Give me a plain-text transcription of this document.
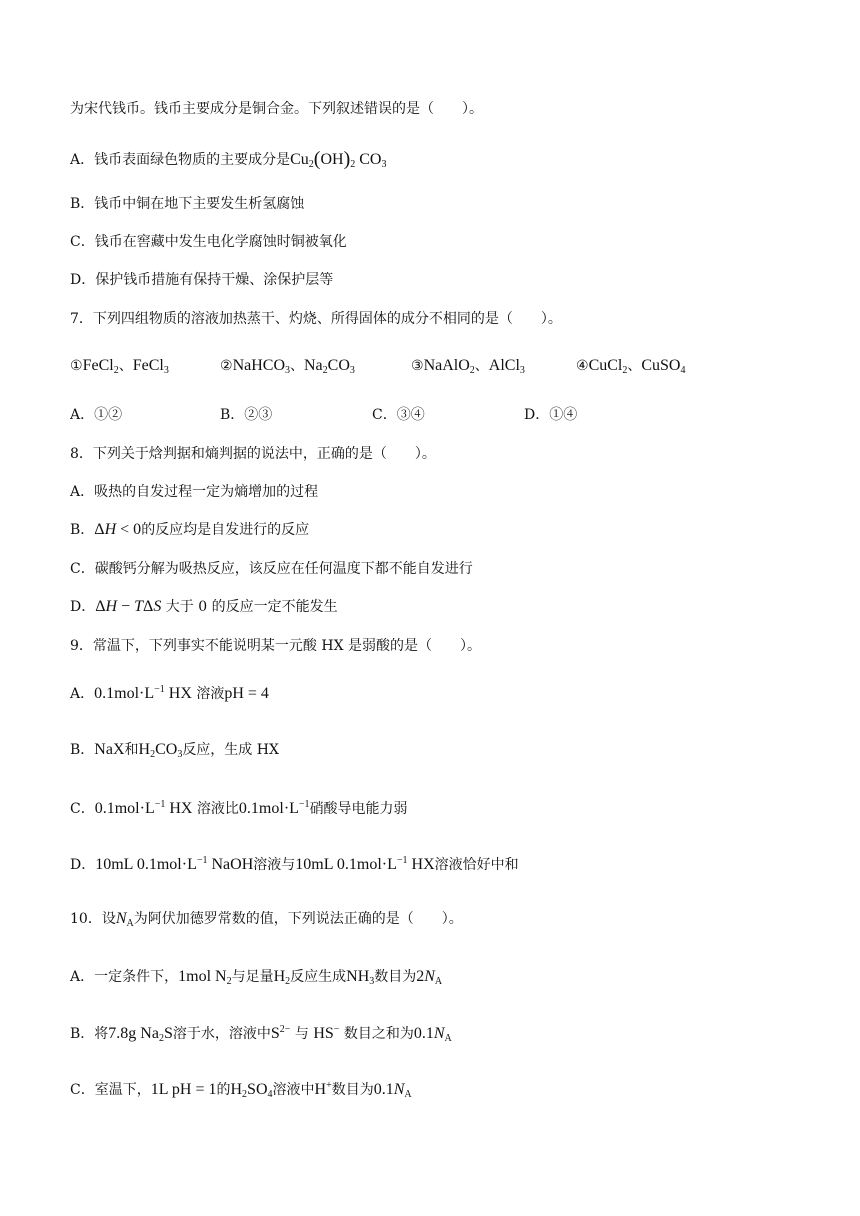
为宋代钱币。钱币主要成分是铜合金。下列叙述错误的是（　　）。
A．钱币表面绿色物质的主要成分是$Cu_2(OH)_2$ $CO_3$
B．钱币中铜在地下主要发生析氢腐蚀
C．钱币在窖藏中发生电化学腐蚀时铜被氧化
D．保护钱币措施有保持干燥、涂保护层等
7．下列四组物质的溶液加热蒸干、灼烧、所得固体的成分不相同的是（　　）。
①FeCl$_2$、FeCl$_3$	②NaHCO$_3$、$Na_2CO_3$	③NaAlO$_2$、AlCl$_3$	④CuCl$_2$、CuSO$_4$
A．①②	B．②③	C．③④	D．①④
8．下列关于焓判据和熵判据的说法中，正确的是（　　）。
A．吸热的自发过程一定为熵增加的过程
B．ΔH < 0的反应均是自发进行的反应
C．碳酸钙分解为吸热反应，该反应在任何温度下都不能自发进行
D．ΔH − TΔS 大于 0 的反应一定不能发生
9．常温下，下列事实不能说明某一元酸 HX 是弱酸的是（　　）。
A．$0.1mol\cdot L^{-1}$ HX 溶液pH = 4
B．NaX和$H_2CO_3$反应，生成 HX
C．$0.1mol\cdot L^{-1}$ HX 溶液比$0.1mol\cdot L^{-1}$硝酸导电能力弱
D．10mL $0.1mol\cdot L^{-1}$ NaOH溶液与10mL $0.1mol\cdot L^{-1}$ HX溶液恰好中和
10．设$N_A$为阿伏加德罗常数的值，下列说法正确的是（　　）。
A．一定条件下，1mol $N_2$与足量$H_2$反应生成$NH_3$数目为$2N_A$
B．将7.8g $Na_2S$溶于水，溶液中$S^{2-}$ 与 HS− 数目之和为$0.1N_A$
C．室温下，1L pH = 1的$H_2SO_4$溶液中H+数目为$0.1N_A$
